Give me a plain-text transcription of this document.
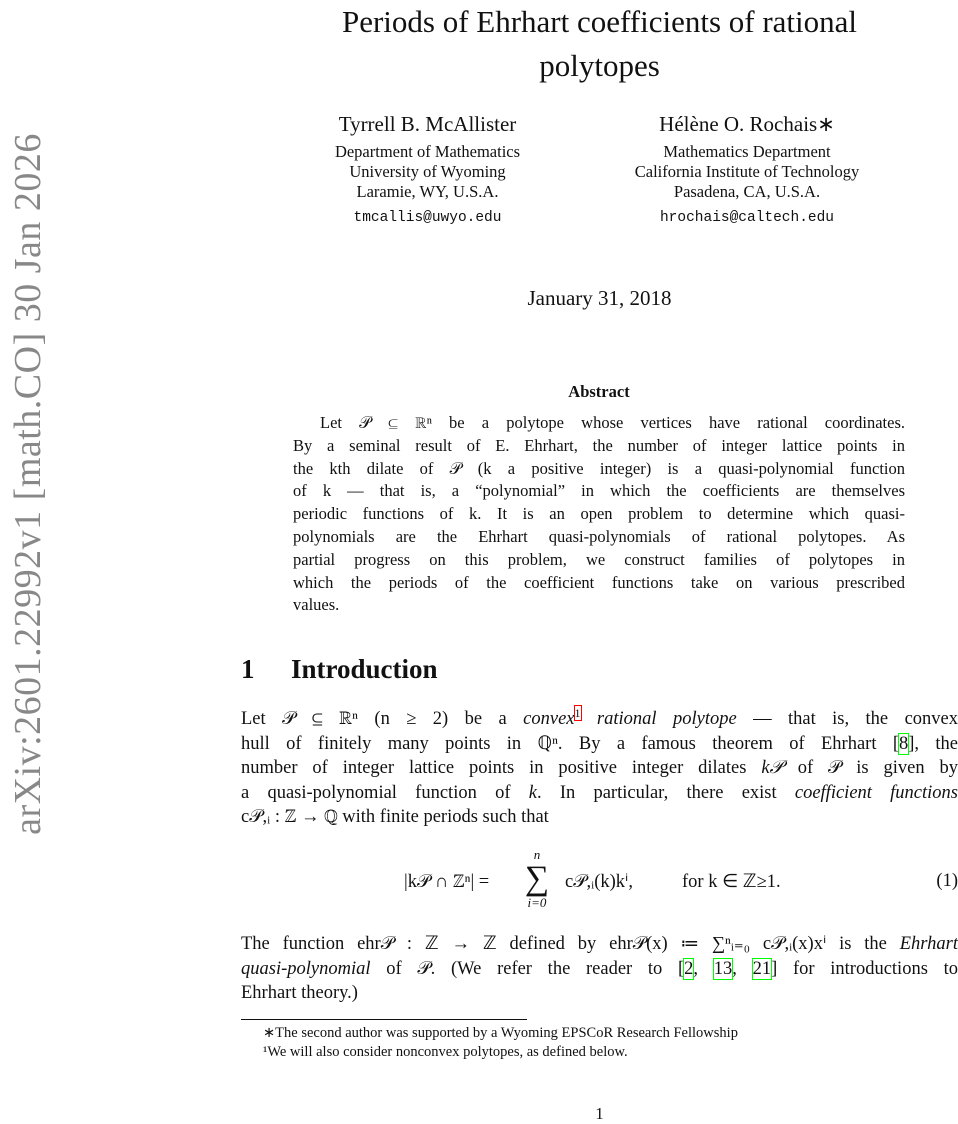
arXiv:2601.22992v1 [math.CO] 30 Jan 2026
Periods of Ehrhart coefficients of rational
polytopes
Tyrrell B. McAllister
Department of Mathematics
University of Wyoming
Laramie, WY, U.S.A.
tmcallis@uwyo.edu
Hélène O. Rochais∗
Mathematics Department
California Institute of Technology
Pasadena, CA, U.S.A.
hrochais@caltech.edu
January 31, 2018
Abstract
Let 𝒫 ⊆ ℝⁿ be a polytope whose vertices have rational coordinates.
By a seminal result of E. Ehrhart, the number of integer lattice points in
the kth dilate of 𝒫 (k a positive integer) is a quasi-polynomial function
of k — that is, a “polynomial” in which the coefficients are themselves
periodic functions of k. It is an open problem to determine which quasi-
polynomials are the Ehrhart quasi-polynomials of rational polytopes. As
partial progress on this problem, we construct families of polytopes in
which the periods of the coefficient functions take on various prescribed
values.
1 Introduction
Let 𝒫 ⊆ ℝⁿ (n ≥ 2) be a convex$^1$ rational polytope — that is, the convex
hull of finitely many points in ℚⁿ. By a famous theorem of Ehrhart [8], the
number of integer lattice points in positive integer dilates k𝒫 of 𝒫 is given by
a quasi-polynomial function of k. In particular, there exist coefficient functions
c𝒫,ᵢ : ℤ → ℚ with finite periods such that
|k𝒫 ∩ ℤⁿ| =
n
∑
i=0
c𝒫,ᵢ(k)kⁱ,	for k ∈ ℤ≥1.	(1)
The function ehr𝒫 : ℤ → ℤ defined by ehr𝒫(x) ≔ ∑ⁿᵢ₌₀ c𝒫,ᵢ(x)xⁱ is the Ehrhart
quasi-polynomial of 𝒫. (We refer the reader to [2, 13, 21] for introductions to
Ehrhart theory.)
∗The second author was supported by a Wyoming EPSCoR Research Fellowship
¹We will also consider nonconvex polytopes, as defined below.
1
